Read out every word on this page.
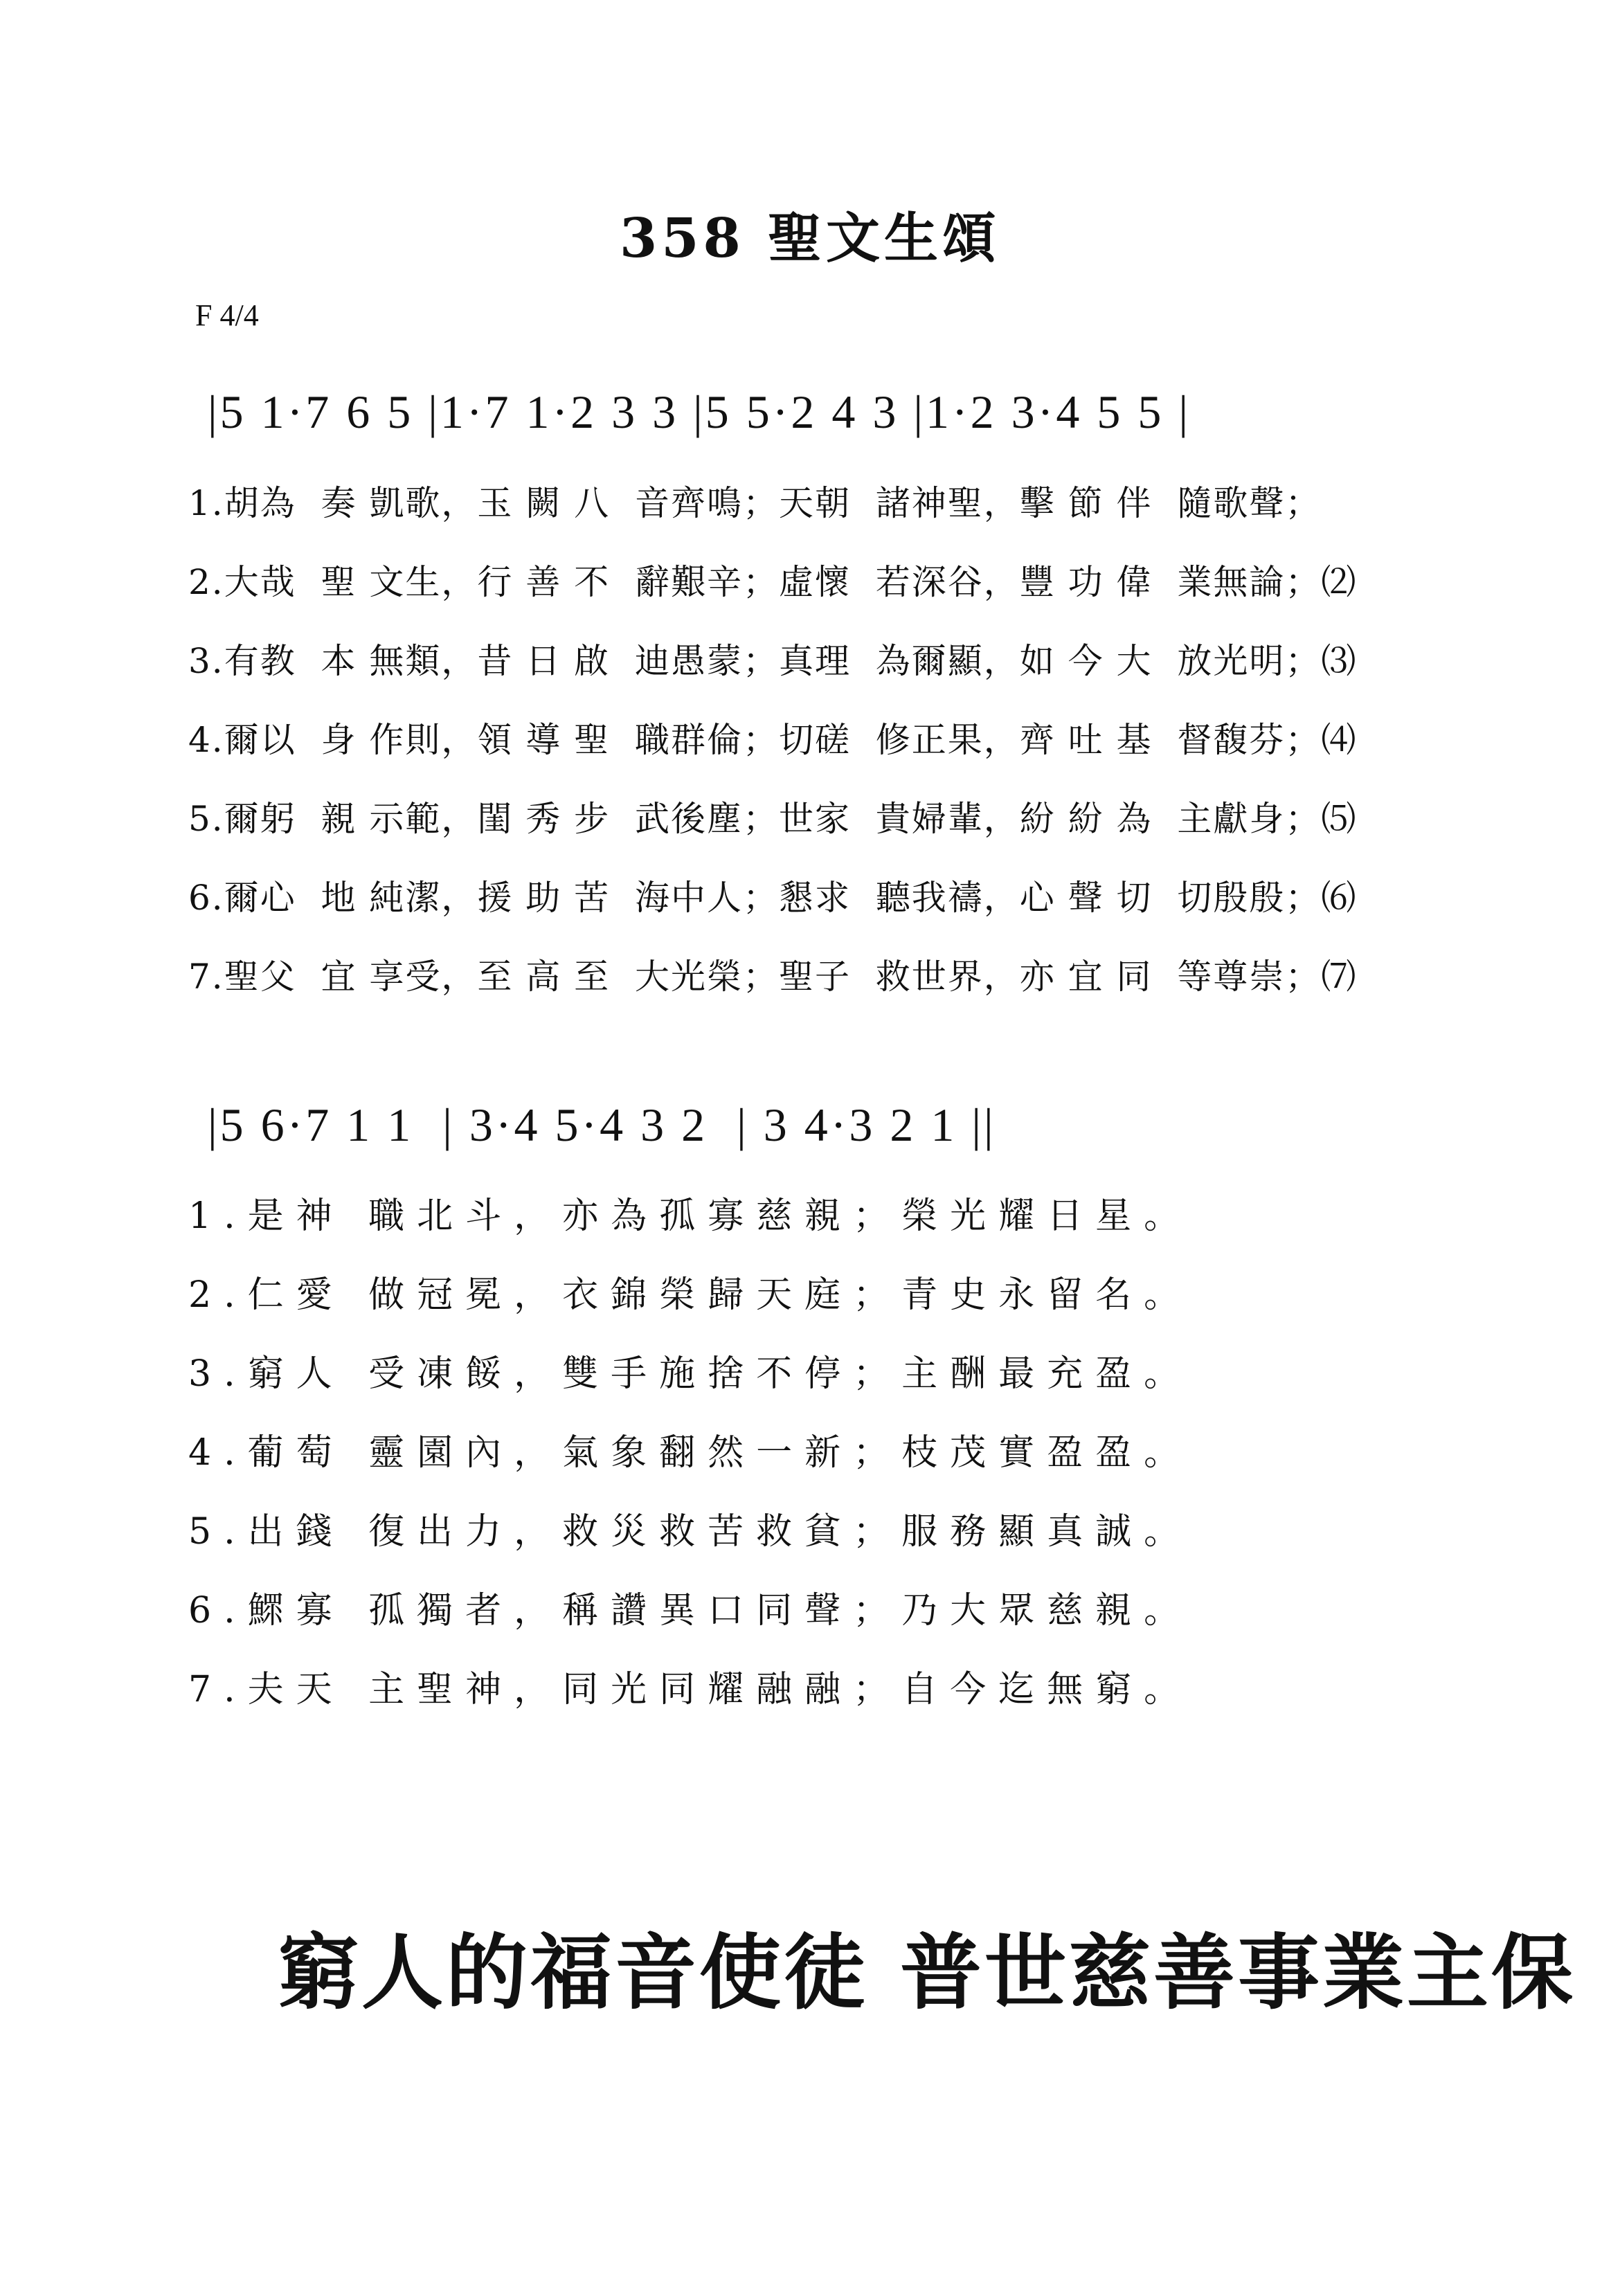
358 聖文生頌
F 4/4
|5 1·7 6 5 |1·7 1·2 3 3 |5 5·2 4 3 |1·2 3·4 5 5 |
1.胡為  奏 凱歌，玉 闕 八  音齊鳴；天朝  諸神聖，擊 節 伴  隨歌聲；
2.大哉  聖 文生，行 善 不  辭艱辛；虛懷  若深谷，豐 功 偉  業無論；⑵
3.有教  本 無類，昔 日 啟  迪愚蒙；真理  為爾顯，如 今 大  放光明；⑶
4.爾以  身 作則，領 導 聖  職群倫；切磋  修正果，齊 吐 基  督馥芬；⑷
5.爾躬  親 示範，閨 秀 步  武後塵；世家  貴婦輩，紛 紛 為  主獻身；⑸
6.爾心  地 純潔，援 助 苦  海中人；懇求  聽我禱，心 聲 切  切殷殷；⑹
7.聖父  宜 享受，至 高 至  大光榮；聖子  救世界，亦 宜 同  等尊崇；⑺
|5 6·7 1 1  | 3·4 5·4 3 2  | 3 4·3 2 1 ||
1.是神 職北斗，亦為孤寡慈親；榮光耀日星。
2.仁愛 做冠冕，衣錦榮歸天庭；青史永留名。
3.窮人 受凍餒，雙手施捨不停；主酬最充盈。
4.葡萄 靈園內，氣象翻然一新；枝茂實盈盈。
5.出錢 復出力，救災救苦救貧；服務顯真誠。
6.鰥寡 孤獨者，稱讚異口同聲；乃大眾慈親。
7.夫天 主聖神，同光同耀融融；自今迄無窮。
窮人的福音使徒 普世慈善事業主保
